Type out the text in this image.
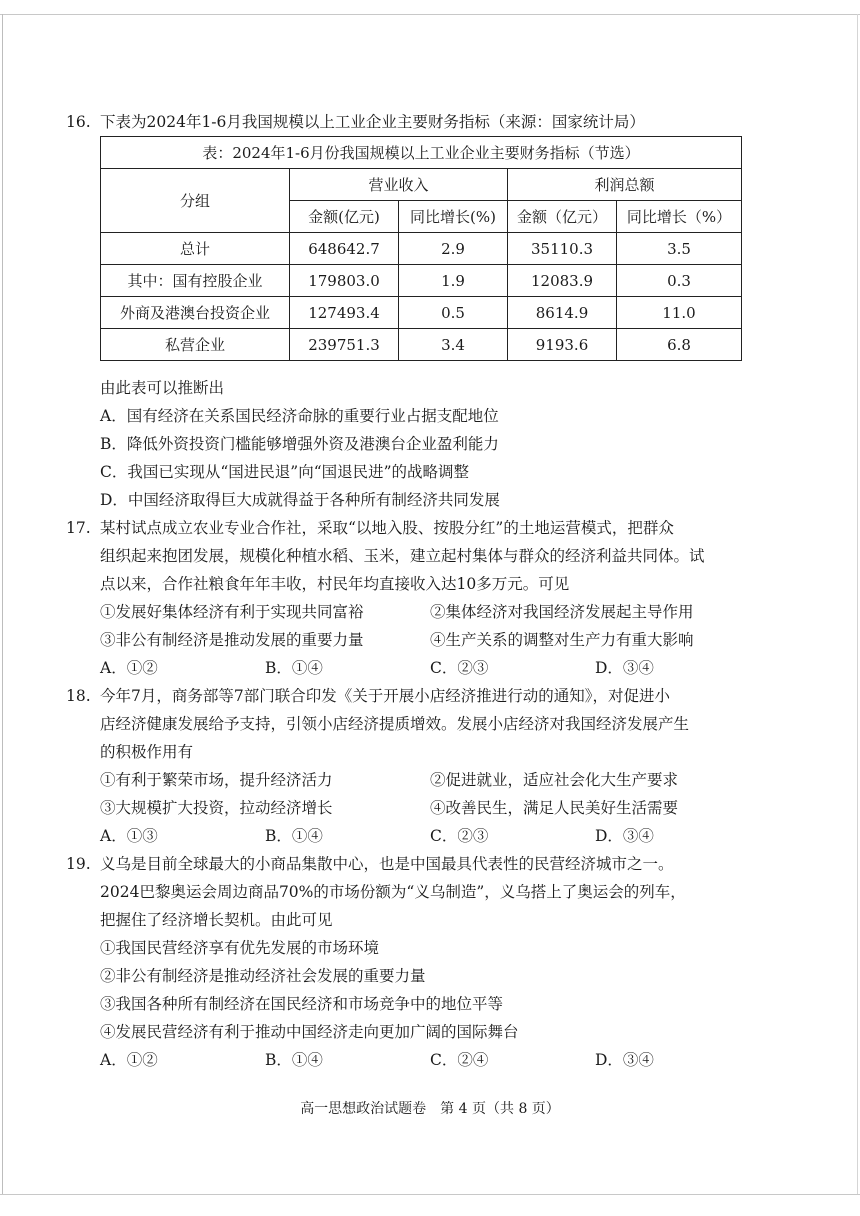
16. 下表为2024年1-6月我国规模以上工业企业主要财务指标（来源：国家统计局）
由此表可以推断出
A．国有经济在关系国民经济命脉的重要行业占据支配地位
B．降低外资投资门槛能够增强外资及港澳台企业盈利能力
C．我国已实现从“国进民退”向“国退民进”的战略调整
D．中国经济取得巨大成就得益于各种所有制经济共同发展
17. 某村试点成立农业专业合作社，采取“以地入股、按股分红”的土地运营模式，把群众
组织起来抱团发展，规模化种植水稻、玉米，建立起村集体与群众的经济利益共同体。试
点以来，合作社粮食年年丰收，村民年均直接收入达10多万元。可见
①发展好集体经济有利于实现共同富裕	②集体经济对我国经济发展起主导作用
③非公有制经济是推动发展的重要力量	④生产关系的调整对生产力有重大影响
A．①②	B．①④	C．②③	D．③④
18. 今年7月，商务部等7部门联合印发《关于开展小店经济推进行动的通知》，对促进小
店经济健康发展给予支持，引领小店经济提质增效。发展小店经济对我国经济发展产生
的积极作用有
①有利于繁荣市场，提升经济活力	②促进就业，适应社会化大生产要求
③大规模扩大投资，拉动经济增长	④改善民生，满足人民美好生活需要
A．①③	B．①④	C．②③	D．③④
19. 义乌是目前全球最大的小商品集散中心，也是中国最具代表性的民营经济城市之一。
2024巴黎奥运会周边商品70%的市场份额为“义乌制造”，义乌搭上了奥运会的列车，
把握住了经济增长契机。由此可见
①我国民营经济享有优先发展的市场环境
②非公有制经济是推动经济社会发展的重要力量
③我国各种所有制经济在国民经济和市场竞争中的地位平等
④发展民营经济有利于推动中国经济走向更加广阔的国际舞台
A．①②	B．①④	C．②④	D．③④
表：2024年1-6月份我国规模以上工业企业主要财务指标（节选）				
分组	营业收入		利润总额	
	金额(亿元)	同比增长(%)	金额（亿元）	同比增长（%）
总计	648642.7	2.9	35110.3	3.5
其中：国有控股企业	179803.0	1.9	12083.9	0.3
外商及港澳台投资企业	127493.4	0.5	8614.9	11.0
私营企业	239751.3	3.4	9193.6	6.8
高一思想政治试题卷　第 4 页（共 8 页）
